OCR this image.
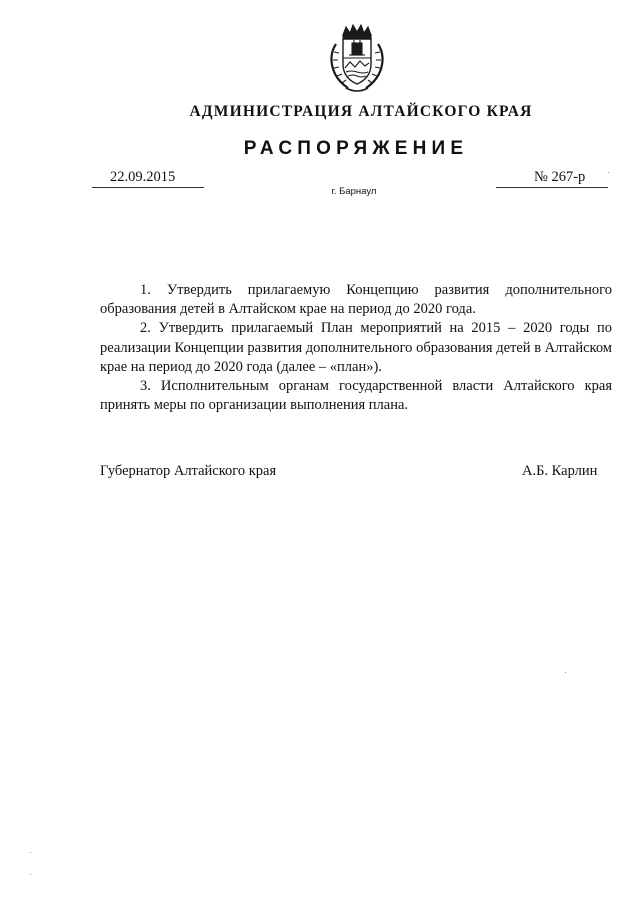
АДМИНИСТРАЦИЯ АЛТАЙСКОГО КРАЯ
РАСПОРЯЖЕНИЕ
22.09.2015	№ 267-р
г. Барнаул

1. Утвердить прилагаемую Концепцию развития дополнительного образования детей в Алтайском крае на период до 2020 года.

2. Утвердить прилагаемый План мероприятий на 2015 – 2020 годы по реализации Концепции развития дополнительного образования детей в Алтайском крае на период до 2020 года (далее – «план»).

3. Исполнительным органам государственной власти Алтайского края принять меры по организации выполнения плана.

Губернатор Алтайского края	А.Б. Карлин
